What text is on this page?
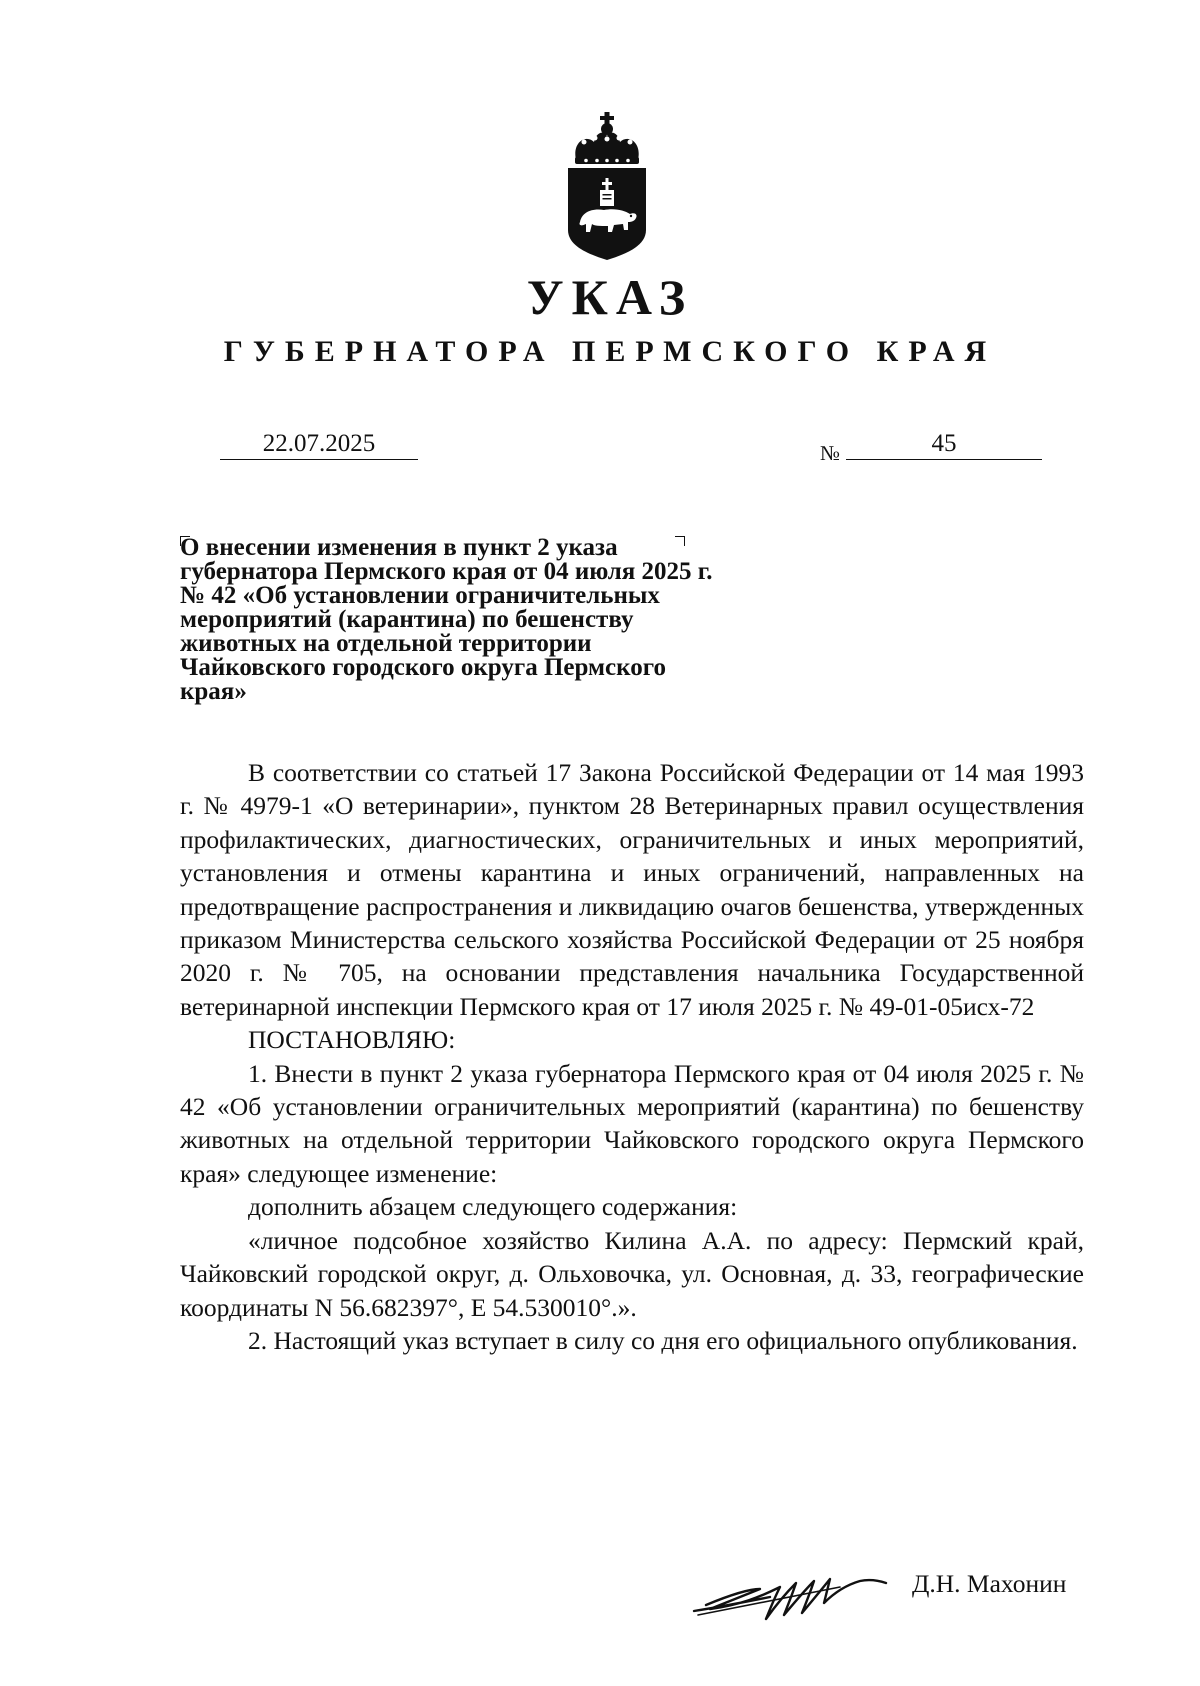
УКАЗ
ГУБЕРНАТОРА ПЕРМСКОГО КРАЯ
22.07.2025	№	45
О внесении изменения в пункт 2 указа
губернатора Пермского края от 04 июля 2025 г.
№ 42 «Об установлении ограничительных
мероприятий (карантина) по бешенству
животных на отдельной территории
Чайковского городского округа Пермского
края»

В соответствии со статьей 17 Закона Российской Федерации от 14 мая 1993 г. № 4979-1 «О ветеринарии», пунктом 28 Ветеринарных правил осуществления профилактических, диагностических, ограничительных и иных мероприятий, установления и отмены карантина и иных ограничений, направленных на предотвращение распространения и ликвидацию очагов бешенства, утвержденных приказом Министерства сельского хозяйства Российской Федерации от 25 ноября 2020 г. № 705, на основании представления начальника Государственной ветеринарной инспекции Пермского края от 17 июля 2025 г. № 49-01-05исх-72

ПОСТАНОВЛЯЮ:

1. Внести в пункт 2 указа губернатора Пермского края от 04 июля 2025 г. № 42 «Об установлении ограничительных мероприятий (карантина) по бешенству животных на отдельной территории Чайковского городского округа Пермского края» следующее изменение:

дополнить абзацем следующего содержания:

«личное подсобное хозяйство Килина А.А. по адресу: Пермский край, Чайковский городской округ, д. Ольховочка, ул. Основная, д. 33, географические координаты N 56.682397°, E 54.530010°.».

2. Настоящий указ вступает в силу со дня его официального опубликования.

Д.Н. Махонин
